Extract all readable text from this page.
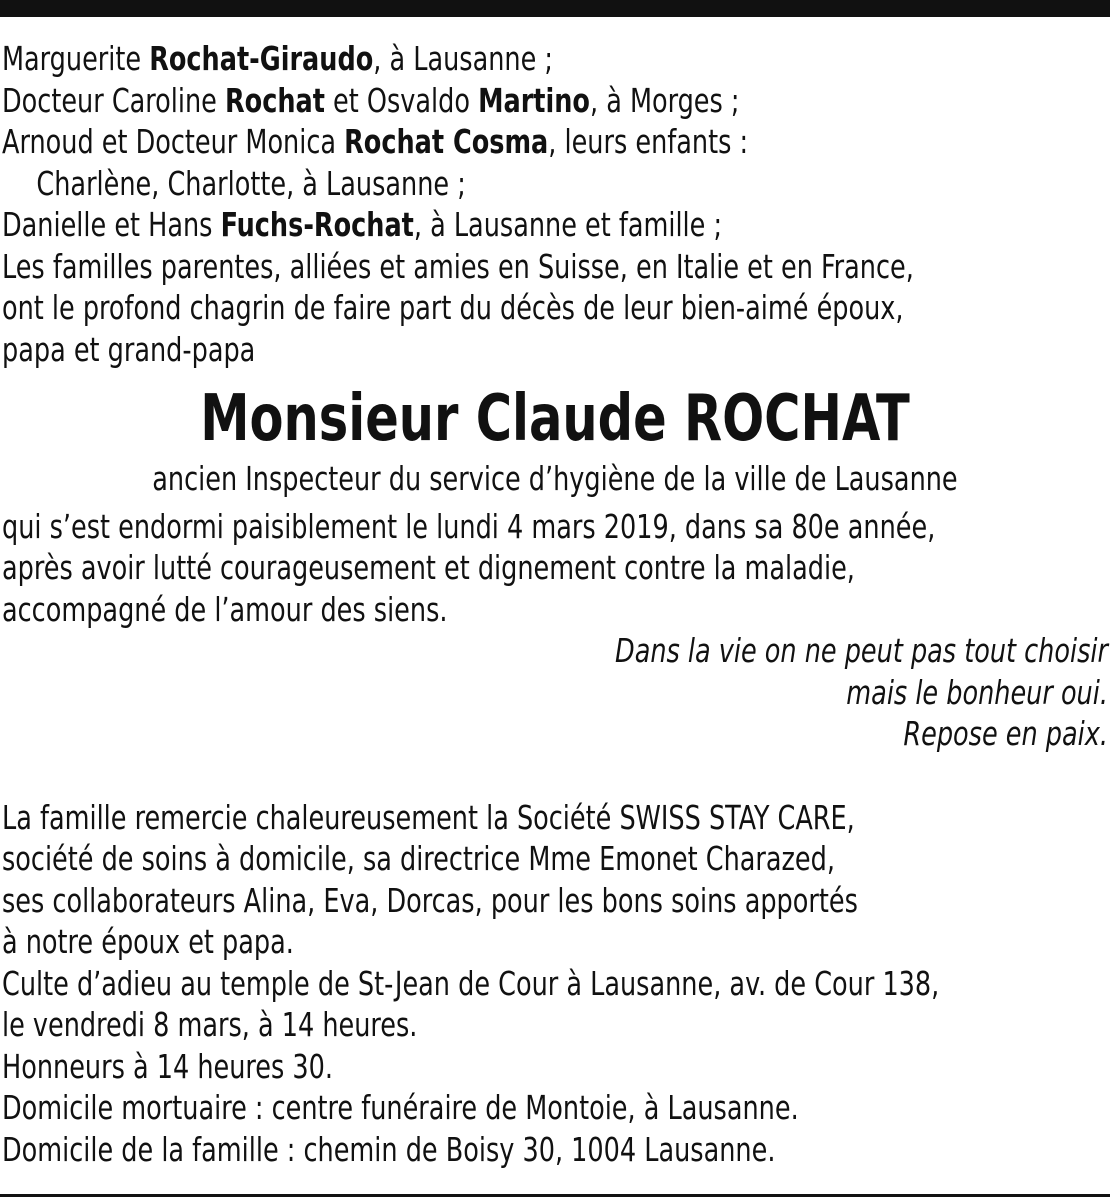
Marguerite Rochat-Giraudo, à Lausanne ;
Docteur Caroline Rochat et Osvaldo Martino, à Morges ;
Arnoud et Docteur Monica Rochat Cosma, leurs enfants :
Charlène, Charlotte, à Lausanne ;
Danielle et Hans Fuchs-Rochat, à Lausanne et famille ;
Les familles parentes, alliées et amies en Suisse, en Italie et en France,
ont le profond chagrin de faire part du décès de leur bien-aimé époux,
papa et grand-papa
Monsieur Claude ROCHAT
ancien Inspecteur du service d’hygiène de la ville de Lausanne
qui s’est endormi paisiblement le lundi 4 mars 2019, dans sa 80e année,
après avoir lutté courageusement et dignement contre la maladie,
accompagné de l’amour des siens.
Dans la vie on ne peut pas tout choisir
mais le bonheur oui.
Repose en paix.
La famille remercie chaleureusement la Société SWISS STAY CARE,
société de soins à domicile, sa directrice Mme Emonet Charazed,
ses collaborateurs Alina, Eva, Dorcas, pour les bons soins apportés
à notre époux et papa.
Culte d’adieu au temple de St-Jean de Cour à Lausanne, av. de Cour 138,
le vendredi 8 mars, à 14 heures.
Honneurs à 14 heures 30.
Domicile mortuaire : centre funéraire de Montoie, à Lausanne.
Domicile de la famille : chemin de Boisy 30, 1004 Lausanne.
